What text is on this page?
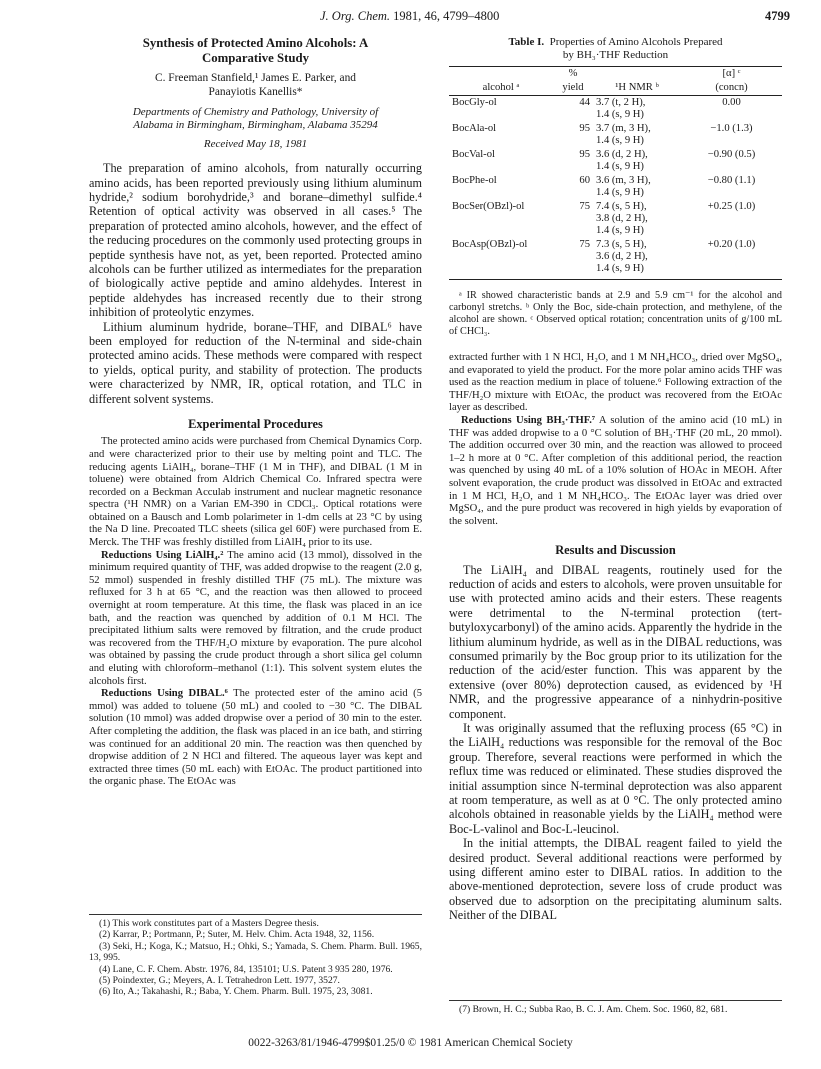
J. Org. Chem. 1981, 46, 4799–4800	4799
Synthesis of Protected Amino Alcohols: A
Comparative Study
C. Freeman Stanfield,¹ James E. Parker, and
Panayiotis Kanellis*
Departments of Chemistry and Pathology, University of
Alabama in Birmingham, Birmingham, Alabama 35294
Received May 18, 1981

The preparation of amino alcohols, from naturally occurring amino acids, has been reported previously using lithium aluminum hydride,² sodium borohydride,³ and borane–dimethyl sulfide.⁴ Retention of optical activity was observed in all cases.⁵ The preparation of protected amino alcohols, however, and the effect of the reducing procedures on the commonly used protecting groups in peptide synthesis have not, as yet, been reported. Protected amino alcohols can be further utilized as intermediates for the preparation of biologically active peptide and amino aldehydes. Interest in peptide aldehydes has increased recently due to their strong inhibition of proteolytic enzymes.

Lithium aluminum hydride, borane–THF, and DIBAL⁶ have been employed for reduction of the N-terminal and side-chain protected amino acids. These methods were compared with respect to yields, optical purity, and stability of protection. The products were characterized by NMR, IR, optical rotation, and TLC in different solvent systems.

Experimental Procedures

The protected amino acids were purchased from Chemical Dynamics Corp. and were characterized prior to their use by melting point and TLC. The reducing agents LiAlH₄, borane–THF (1 M in THF), and DIBAL (1 M in toluene) were obtained from Aldrich Chemical Co. Infrared spectra were recorded on a Beckman Acculab instrument and nuclear magnetic resonance spectra (¹H NMR) on a Varian EM-390 in CDCl₃. Optical rotations were obtained on a Bausch and Lomb polarimeter in 1-dm cells at 23 °C by using the Na D line. Precoated TLC sheets (silica gel 60F) were purchased from E. Merck. The THF was freshly distilled from LiAlH₄ prior to its use.

Reductions Using LiAlH₄.² The amino acid (13 mmol), dissolved in the minimum required quantity of THF, was added dropwise to the reagent (2.0 g, 52 mmol) suspended in freshly distilled THF (75 mL). The mixture was refluxed for 3 h at 65 °C, and the reaction was then allowed to proceed overnight at room temperature. At this time, the flask was placed in an ice bath, and the reaction was quenched by addition of 0.1 M HCl. The precipitated lithium salts were removed by filtration, and the crude product was recovered from the THF/H₂O mixture by evaporation. The pure alcohol was obtained by passing the crude product through a short silica gel column and eluting with chloroform–methanol (1:1). This solvent system elutes the alcohols first.

Reductions Using DIBAL.⁶ The protected ester of the amino acid (5 mmol) was added to toluene (50 mL) and cooled to −30 °C. The DIBAL solution (10 mmol) was added dropwise over a period of 30 min to the ester. After completing the addition, the flask was placed in an ice bath, and stirring was continued for an additional 20 min. The reaction was then quenched by dropwise addition of 2 N HCl and filtered. The aqueous layer was kept and extracted three times (50 mL each) with EtOAc. The product partitioned into the organic phase. The EtOAc was

(1) This work constitutes part of a Masters Degree thesis.
(2) Karrar, P.; Portmann, P.; Suter, M. Helv. Chim. Acta 1948, 32, 1156.
(3) Seki, H.; Koga, K.; Matsuo, H.; Ohki, S.; Yamada, S. Chem. Pharm. Bull. 1965, 13, 995.
(4) Lane, C. F. Chem. Abstr. 1976, 84, 135101; U.S. Patent 3 935 280, 1976.
(5) Poindexter, G.; Meyers, A. I. Tetrahedron Lett. 1977, 3527.
(6) Ito, A.; Takahashi, R.; Baba, Y. Chem. Pharm. Bull. 1975, 23, 3081.
Table I. Properties of Amino Alcohols Prepared
by BH₃·THF Reduction
	%		[α] ᶜ
alcohol ᵃ	yield	¹H NMR ᵇ	(concn)
BocGly-ol	44	3.7 (t, 2 H),
1.4 (s, 9 H)	0.00
BocAla-ol	95	3.7 (m, 3 H),
1.4 (s, 9 H)	−1.0 (1.3)
BocVal-ol	95	3.6 (d, 2 H),
1.4 (s, 9 H)	−0.90 (0.5)
BocPhe-ol	60	3.6 (m, 3 H),
1.4 (s, 9 H)	−0.80 (1.1)
BocSer(OBzl)-ol	75	7.4 (s, 5 H),
3.8 (d, 2 H),
1.4 (s, 9 H)	+0.25 (1.0)
BocAsp(OBzl)-ol	75	7.3 (s, 5 H),
3.6 (d, 2 H),
1.4 (s, 9 H)	+0.20 (1.0)
ᵃ IR showed characteristic bands at 2.9 and 5.9 cm⁻¹ for the alcohol and carbonyl stretchs. ᵇ Only the Boc, side-chain protection, and methylene, of the alcohol are shown. ᶜ Observed optical rotation; concentration units of g/100 mL of CHCl₃.

extracted further with 1 N HCl, H₂O, and 1 M NH₄HCO₃, dried over MgSO₄, and evaporated to yield the product. For the more polar amino acids THF was used as the reaction medium in place of toluene.⁶ Following extraction of the THF/H₂O mixture with EtOAc, the product was recovered from the EtOAc layer as described.

Reductions Using BH₃·THF.⁷ A solution of the amino acid (10 mL) in THF was added dropwise to a 0 °C solution of BH₃·THF (20 mL, 20 mmol). The addition occurred over 30 min, and the reaction was allowed to proceed 1–2 h more at 0 °C. After completion of this additional period, the reaction was quenched by using 40 mL of a 10% solution of HOAc in MEOH. After solvent evaporation, the crude product was dissolved in EtOAc and extracted in 1 M HCl, H₂O, and 1 M NH₄HCO₃. The EtOAc layer was dried over MgSO₄, and the pure product was recovered in high yields by evaporation of the solvent.

Results and Discussion

The LiAlH₄ and DIBAL reagents, routinely used for the reduction of acids and esters to alcohols, were proven unsuitable for use with protected amino acids and their esters. These reagents were detrimental to the N-terminal protection (tert-butyloxycarbonyl) of the amino acids. Apparently the hydride in the lithium aluminum hydride, as well as in the DIBAL reductions, was consumed primarily by the Boc group prior to its utilization for the reduction of the acid/ester function. This was apparent by the extensive (over 80%) deprotection caused, as evidenced by ¹H NMR, and the progressive appearance of a ninhydrin-positive component.

It was originally assumed that the refluxing process (65 °C) in the LiAlH₄ reductions was responsible for the removal of the Boc group. Therefore, several reactions were performed in which the reflux time was reduced or eliminated. These studies disproved the initial assumption since N-terminal deprotection was also apparent at room temperature, as well as at 0 °C. The only protected amino alcohols obtained in reasonable yields by the LiAlH₄ method were Boc-L-valinol and Boc-L-leucinol.

In the initial attempts, the DIBAL reagent failed to yield the desired product. Several additional reactions were performed by using different amino ester to DIBAL ratios. In addition to the above-mentioned deprotection, severe loss of crude product was observed due to adsorption on the precipitating aluminum salts. Neither of the DIBAL

(7) Brown, H. C.; Subba Rao, B. C. J. Am. Chem. Soc. 1960, 82, 681.
0022-3263/81/1946-4799$01.25/0 © 1981 American Chemical Society
